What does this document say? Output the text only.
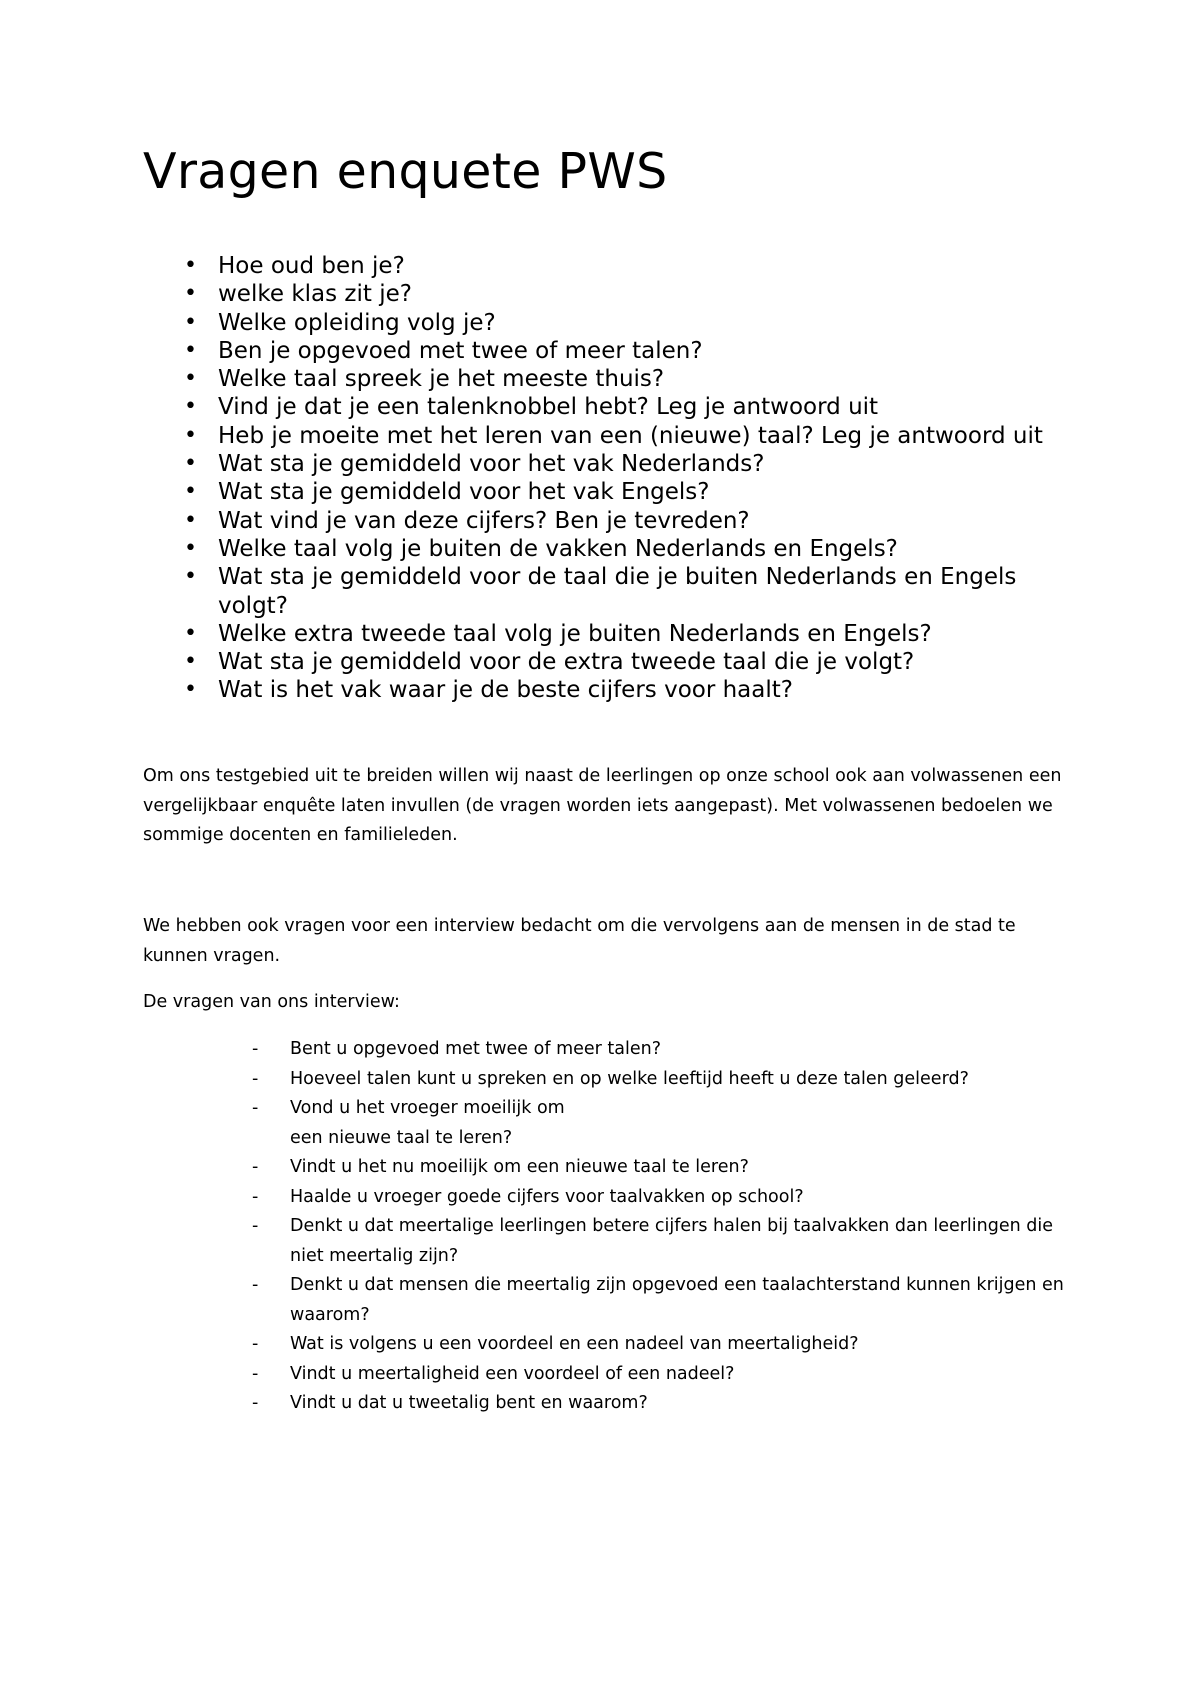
Vragen enquete PWS
• Hoe oud ben je?
• welke klas zit je?
• Welke opleiding volg je?
• Ben je opgevoed met twee of meer talen?
• Welke taal spreek je het meeste thuis?
• Vind je dat je een talenknobbel hebt? Leg je antwoord uit
• Heb je moeite met het leren van een (nieuwe) taal? Leg je antwoord uit
• Wat sta je gemiddeld voor het vak Nederlands?
• Wat sta je gemiddeld voor het vak Engels?
• Wat vind je van deze cijfers? Ben je tevreden?
• Welke taal volg je buiten de vakken Nederlands en Engels?
• Wat sta je gemiddeld voor de taal die je buiten Nederlands en Engels volgt?
• Welke extra tweede taal volg je buiten Nederlands en Engels?
• Wat sta je gemiddeld voor de extra tweede taal die je volgt?
• Wat is het vak waar je de beste cijfers voor haalt?

Om ons testgebied uit te breiden willen wij naast de leerlingen op onze school ook aan volwassenen een vergelijkbaar enquête laten invullen (de vragen worden iets aangepast). Met volwassenen bedoelen we sommige docenten en familieleden.

We hebben ook vragen voor een interview bedacht om die vervolgens aan de mensen in de stad te kunnen vragen.

De vragen van ons interview:

- Bent u opgevoed met twee of meer talen?
- Hoeveel talen kunt u spreken en op welke leeftijd heeft u deze talen geleerd?
- Vond u het vroeger moeilijk om
een nieuwe taal te leren?
- Vindt u het nu moeilijk om een nieuwe taal te leren?
- Haalde u vroeger goede cijfers voor taalvakken op school?
- Denkt u dat meertalige leerlingen betere cijfers halen bij taalvakken dan leerlingen die niet meertalig zijn?
- Denkt u dat mensen die meertalig zijn opgevoed een taalachterstand kunnen krijgen en waarom?
- Wat is volgens u een voordeel en een nadeel van meertaligheid?
- Vindt u meertaligheid een voordeel of een nadeel?
- Vindt u dat u tweetalig bent en waarom?
